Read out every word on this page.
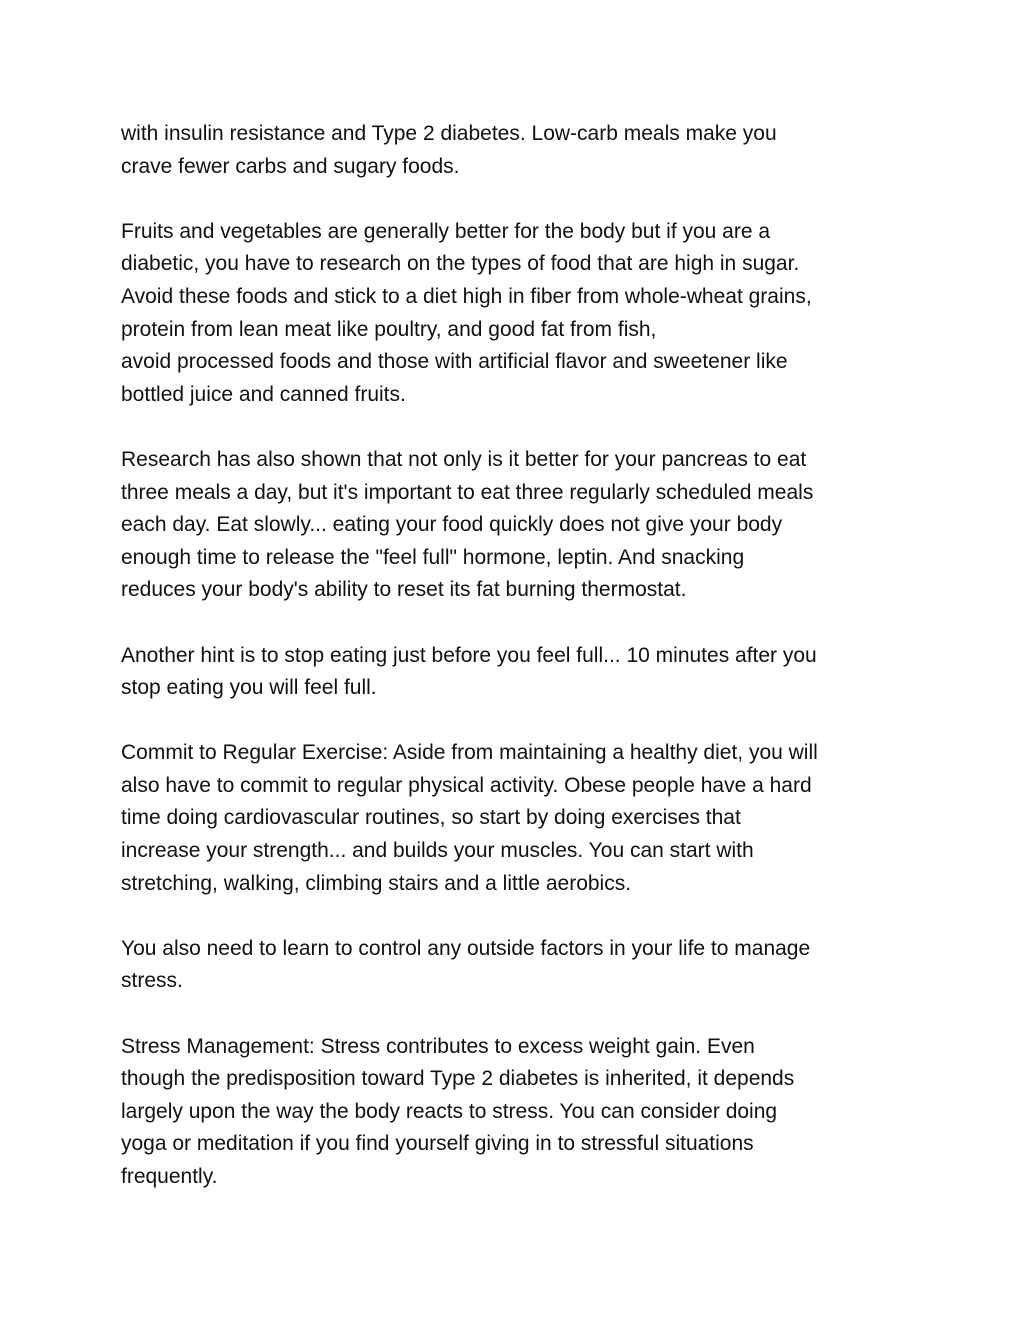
with insulin resistance and Type 2 diabetes. Low-carb meals make you
crave fewer carbs and sugary foods.

Fruits and vegetables are generally better for the body but if you are a
diabetic, you have to research on the types of food that are high in sugar.
Avoid these foods and stick to a diet high in fiber from whole-wheat grains,
protein from lean meat like poultry, and good fat from fish,
avoid processed foods and those with artificial flavor and sweetener like
bottled juice and canned fruits.

Research has also shown that not only is it better for your pancreas to eat
three meals a day, but it's important to eat three regularly scheduled meals
each day. Eat slowly... eating your food quickly does not give your body
enough time to release the "feel full" hormone, leptin. And snacking
reduces your body's ability to reset its fat burning thermostat.

Another hint is to stop eating just before you feel full... 10 minutes after you
stop eating you will feel full.

Commit to Regular Exercise: Aside from maintaining a healthy diet, you will
also have to commit to regular physical activity. Obese people have a hard
time doing cardiovascular routines, so start by doing exercises that
increase your strength... and builds your muscles. You can start with
stretching, walking, climbing stairs and a little aerobics.

You also need to learn to control any outside factors in your life to manage
stress.

Stress Management: Stress contributes to excess weight gain. Even
though the predisposition toward Type 2 diabetes is inherited, it depends
largely upon the way the body reacts to stress. You can consider doing
yoga or meditation if you find yourself giving in to stressful situations
frequently.
